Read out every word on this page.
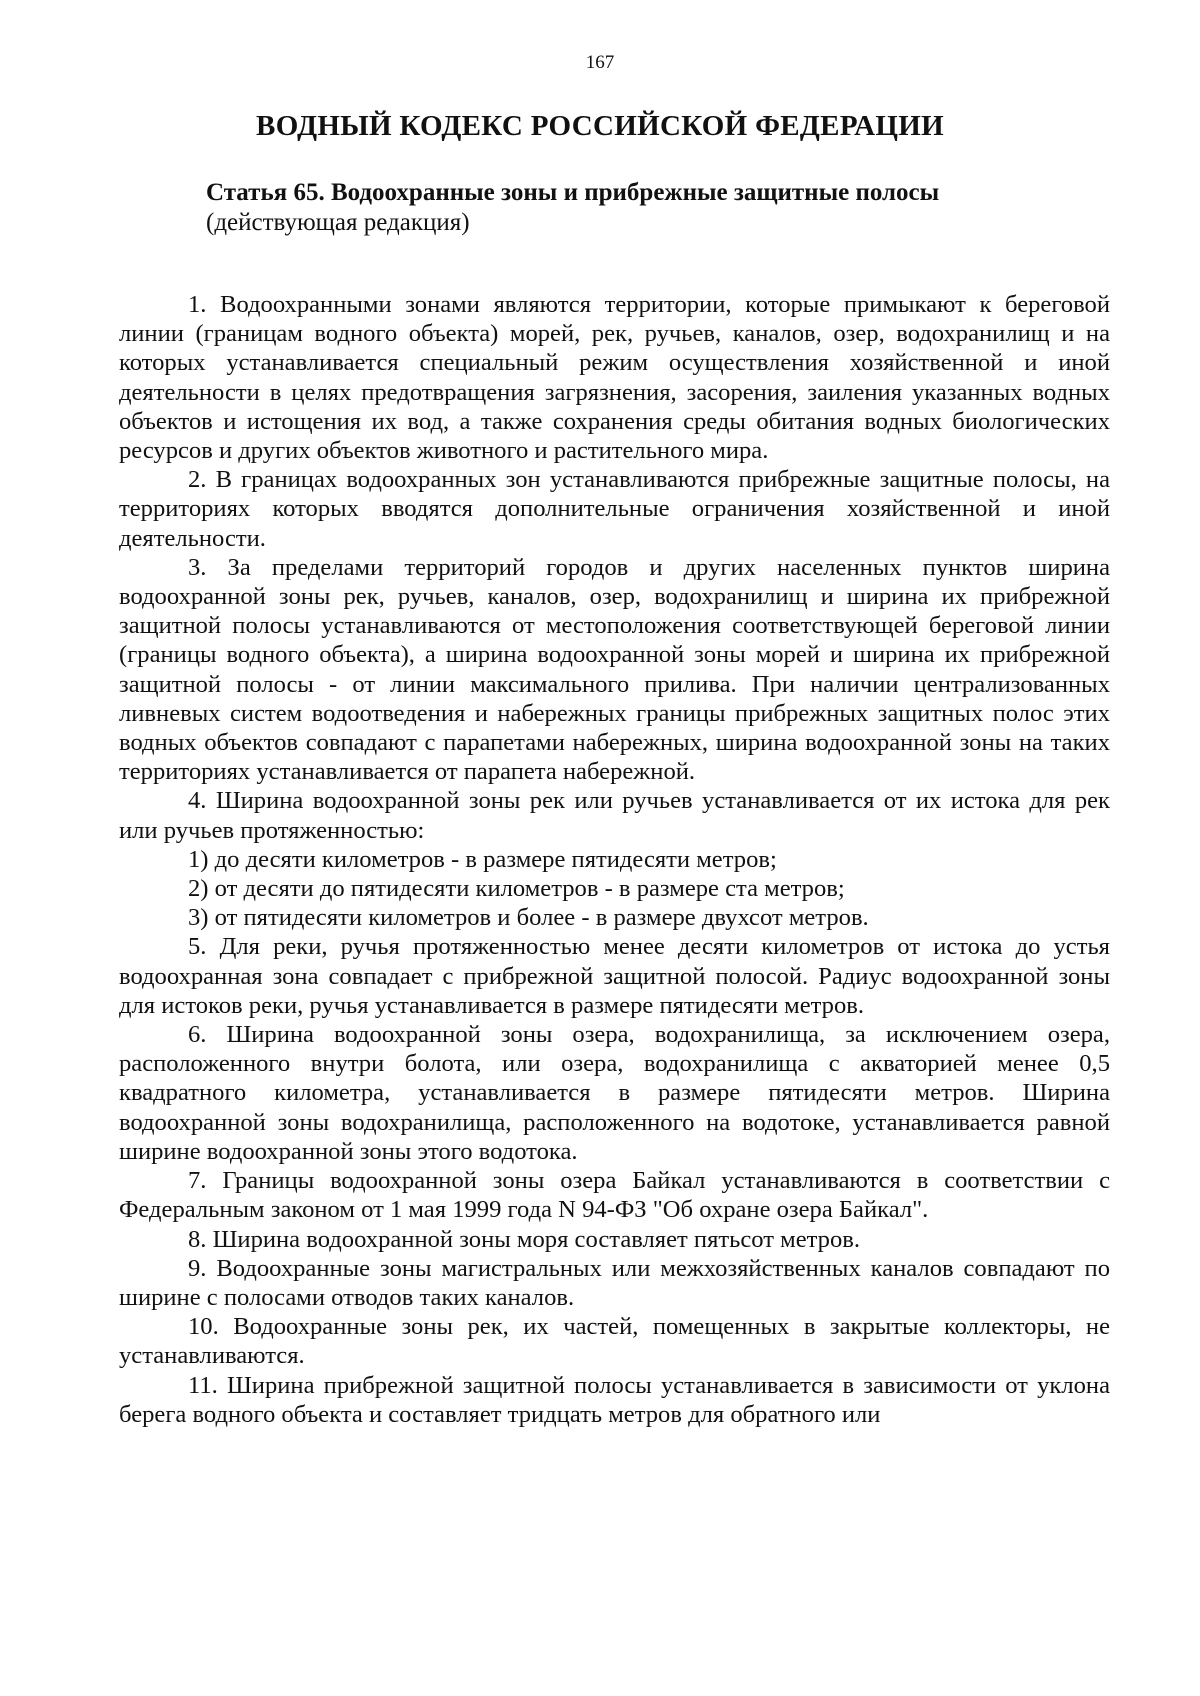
167
ВОДНЫЙ КОДЕКС РОССИЙСКОЙ ФЕДЕРАЦИИ
Статья 65. Водоохранные зоны и прибрежные защитные полосы
(действующая редакция)

1. Водоохранными зонами являются территории, которые примыкают к береговой линии (границам водного объекта) морей, рек, ручьев, каналов, озер, водохранилищ и на которых устанавливается специальный режим осуществления хозяйственной и иной деятельности в целях предотвращения загрязнения, засорения, заиления указанных водных объектов и истощения их вод, а также сохранения среды обитания водных биологических ресурсов и других объектов животного и растительного мира.

2. В границах водоохранных зон устанавливаются прибрежные защитные полосы, на территориях которых вводятся дополнительные ограничения хозяйственной и иной деятельности.

3. За пределами территорий городов и других населенных пунктов ширина водоохранной зоны рек, ручьев, каналов, озер, водохранилищ и ширина их прибрежной защитной полосы устанавливаются от местоположения соответствующей береговой линии (границы водного объекта), а ширина водоохранной зоны морей и ширина их прибрежной защитной полосы - от линии максимального прилива. При наличии централизованных ливневых систем водоотведения и набережных границы прибрежных защитных полос этих водных объектов совпадают с парапетами набережных, ширина водоохранной зоны на таких территориях устанавливается от парапета набережной.

4. Ширина водоохранной зоны рек или ручьев устанавливается от их истока для рек или ручьев протяженностью:

1) до десяти километров - в размере пятидесяти метров;

2) от десяти до пятидесяти километров - в размере ста метров;

3) от пятидесяти километров и более - в размере двухсот метров.

5. Для реки, ручья протяженностью менее десяти километров от истока до устья водоохранная зона совпадает с прибрежной защитной полосой. Радиус водоохранной зоны для истоков реки, ручья устанавливается в размере пятидесяти метров.

6. Ширина водоохранной зоны озера, водохранилища, за исключением озера, расположенного внутри болота, или озера, водохранилища с акваторией менее 0,5 квадратного километра, устанавливается в размере пятидесяти метров. Ширина водоохранной зоны водохранилища, расположенного на водотоке, устанавливается равной ширине водоохранной зоны этого водотока.

7. Границы водоохранной зоны озера Байкал устанавливаются в соответствии с Федеральным законом от 1 мая 1999 года N 94-ФЗ "Об охране озера Байкал".

8. Ширина водоохранной зоны моря составляет пятьсот метров.

9. Водоохранные зоны магистральных или межхозяйственных каналов совпадают по ширине с полосами отводов таких каналов.

10. Водоохранные зоны рек, их частей, помещенных в закрытые коллекторы, не устанавливаются.

11. Ширина прибрежной защитной полосы устанавливается в зависимости от уклона берега водного объекта и составляет тридцать метров для обратного или
